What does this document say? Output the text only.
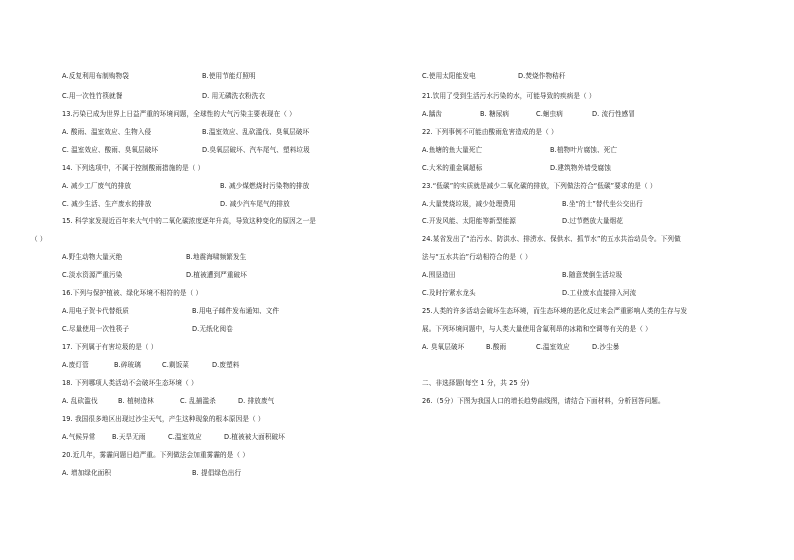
A.反复利用布制购物袋	B.使用节能灯照明
C.用一次性竹筷就餐	D. 用无磷洗衣粉洗衣
13.污染已成为世界上日益严重的环境问题，全球性的大气污染主要表现在（ ）
A. 酸雨、温室效应、生物入侵	B.温室效应、乱砍滥伐、臭氧层破坏
C. 温室效应、酸雨、臭氧层破坏	D.臭氧层破坏、汽车尾气、塑料垃圾
14. 下列选项中，不属于控制酸雨措施的是（ ）
A. 减少工厂废气的排放	B. 减少煤燃烧时污染物的排放
C. 减少生活、生产废水的排放	D. 减少汽车尾气的排放
15. 科学家发现近百年来大气中的二氧化碳浓度逐年升高，导致这种变化的原因之一是
（ ）
A.野生动物大量灭绝	B.地震海啸频繁发生
C.淡水资源严重污染	D.植被遭到严重破坏
16.下列与保护植被、绿化环境不相符的是（ ）
A.用电子贺卡代替纸质	B.用电子邮件发布通知、文件
C.尽量使用一次性筷子	D.无纸化阅卷
17. 下列属于有害垃圾的是（ ）
A.废灯管	B.碎玻璃	C.剩饭菜	D.废塑料
18. 下列哪项人类活动不会破坏生态环境（ ）
A. 乱砍滥伐	B. 植树造林	C. 乱捕滥杀	D. 排放废气
19. 我国很多地区出现过沙尘天气，产生这种现象的根本原因是（ ）
A.气候异常	B.天旱无雨	C.温室效应	D.植被被大面积破坏
20.近几年，雾霾问题日趋严重。下列做法会加重雾霾的是（ ）
A. 增加绿化面积	B. 提倡绿色出行
C.使用太阳能发电	D.焚烧作物秸秆
21.饮用了受到生活污水污染的水，可能导致的疾病是（ ）
A.龋齿	B. 糖尿病	C.蛔虫病	D. 流行性感冒
22. 下列事例不可能由酸雨危害造成的是（ ）
A.鱼塘的鱼大量死亡	B.植物叶片腐蚀、死亡
C.大米的重金属超标	D.建筑物外墙受腐蚀
23.“低碳”的实质就是减少二氧化碳的排放，下列做法符合“低碳”要求的是（ ）
A.大量焚烧垃圾，减少处理费用	B.坐“的士”替代坐公交出行
C.开发风能、太阳能等新型能源	D.过节燃放大量烟花
24.某省发出了“治污水、防洪水、排涝水、保供水、抓节水”的五水共治动员令。下列做
法与“五水共治”行动相符合的是（ ）
A.围垦造田	B.随意焚倒生活垃圾
C.及时拧紧水龙头	D.工业废水直接排入河流
25.人类的许多活动会破坏生态环境，而生态环境的恶化反过来会严重影响人类的生存与发
展。下列环境问题中，与人类大量使用含氟利昂的冰箱和空调等有关的是（ ）
A. 臭氧层破坏	B.酸雨	C.温室效应	D.沙尘暴
二、非选择题(每空 1 分，共 25 分)
26.（5分）下图为我国人口的增长趋势曲线图，请结合下面材料，分析回答问题。
